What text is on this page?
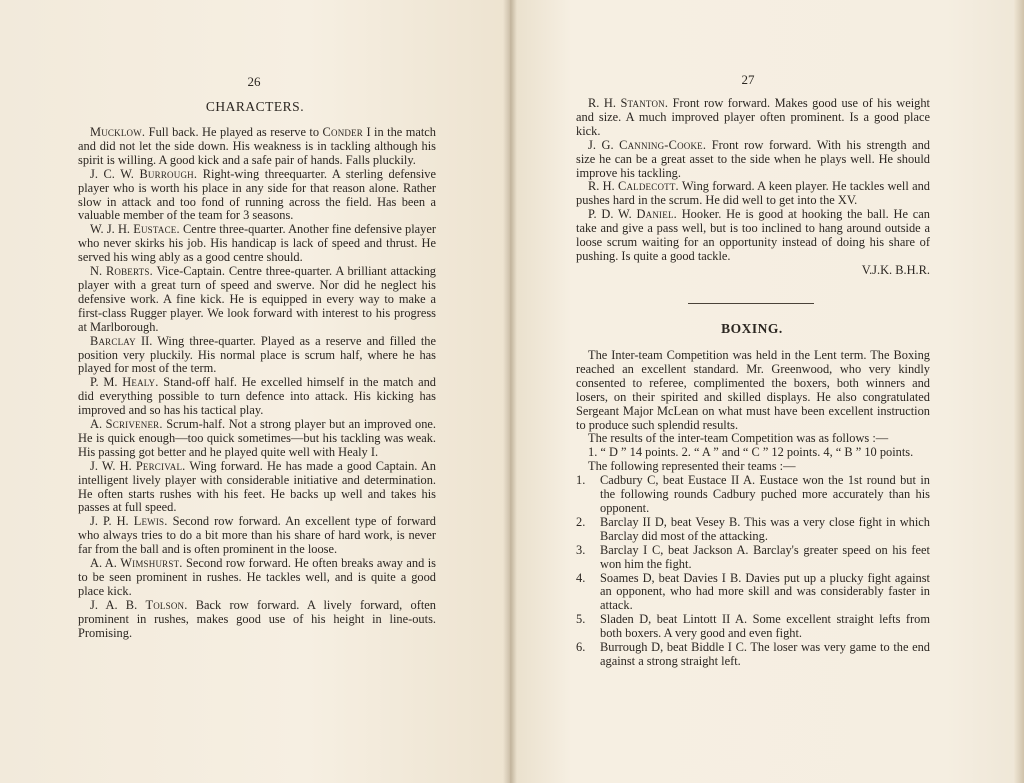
26
CHARACTERS.

Mucklow. Full back. He played as reserve to Conder I in the match and did not let the side down. His weakness is in tackling although his spirit is willing. A good kick and a safe pair of hands. Falls pluckily.

J. C. W. Burrough. Right-wing threequarter. A sterling defensive player who is worth his place in any side for that reason alone. Rather slow in attack and too fond of running across the field. Has been a valuable member of the team for 3 seasons.

W. J. H. Eustace. Centre three-quarter. Another fine defensive player who never skirks his job. His handicap is lack of speed and thrust. He served his wing ably as a good centre should.

N. Roberts. Vice-Captain. Centre three-quarter. A brilliant attacking player with a great turn of speed and swerve. Nor did he neglect his defensive work. A fine kick. He is equipped in every way to make a first-class Rugger player. We look forward with interest to his progress at Marlborough.

Barclay II. Wing three-quarter. Played as a reserve and filled the position very pluckily. His normal place is scrum half, where he has played for most of the term.

P. M. Healy. Stand-off half. He excelled himself in the match and did everything possible to turn defence into attack. His kicking has improved and so has his tactical play.

A. Scrivener. Scrum-half. Not a strong player but an improved one. He is quick enough—too quick sometimes—but his tackling was weak. His passing got better and he played quite well with Healy I.

J. W. H. Percival. Wing forward. He has made a good Captain. An intelligent lively player with considerable initiative and determination. He often starts rushes with his feet. He backs up well and takes his passes at full speed.

J. P. H. Lewis. Second row forward. An excellent type of forward who always tries to do a bit more than his share of hard work, is never far from the ball and is often prominent in the loose.

A. A. Wimshurst. Second row forward. He often breaks away and is to be seen prominent in rushes. He tackles well, and is quite a good place kick.

J. A. B. Tolson. Back row forward. A lively forward, often prominent in rushes, makes good use of his height in line-outs. Promising.

27

R. H. Stanton. Front row forward. Makes good use of his weight and size. A much improved player often prominent. Is a good place kick.

J. G. Canning-Cooke. Front row forward. With his strength and size he can be a great asset to the side when he plays well. He should improve his tackling.

R. H. Caldecott. Wing forward. A keen player. He tackles well and pushes hard in the scrum. He did well to get into the XV.

P. D. W. Daniel. Hooker. He is good at hooking the ball. He can take and give a pass well, but is too inclined to hang around outside a loose scrum waiting for an opportunity instead of doing his share of pushing. Is quite a good tackle.

V.J.K. B.H.R.

BOXING.

The Inter-team Competition was held in the Lent term. The Boxing reached an excellent standard. Mr. Greenwood, who very kindly consented to referee, complimented the boxers, both winners and losers, on their spirited and skilled displays. He also congratulated Sergeant Major McLean on what must have been excellent instruction to produce such splendid results.

The results of the inter-team Competition was as follows :—

1. “ D ” 14 points. 2. “ A ” and “ C ” 12 points. 4, “ B ” 10 points.

The following represented their teams :—

1. Cadbury C, beat Eustace II A. Eustace won the 1st round but in the following rounds Cadbury puched more accurately than his opponent.
2. Barclay II D, beat Vesey B. This was a very close fight in which Barclay did most of the attacking.
3. Barclay I C, beat Jackson A. Barclay's greater speed on his feet won him the fight.
4. Soames D, beat Davies I B. Davies put up a plucky fight against an opponent, who had more skill and was considerably faster in attack.
5. Sladen D, beat Lintott II A. Some excellent straight lefts from both boxers. A very good and even fight.
6. Burrough D, beat Biddle I C. The loser was very game to the end against a strong straight left.
